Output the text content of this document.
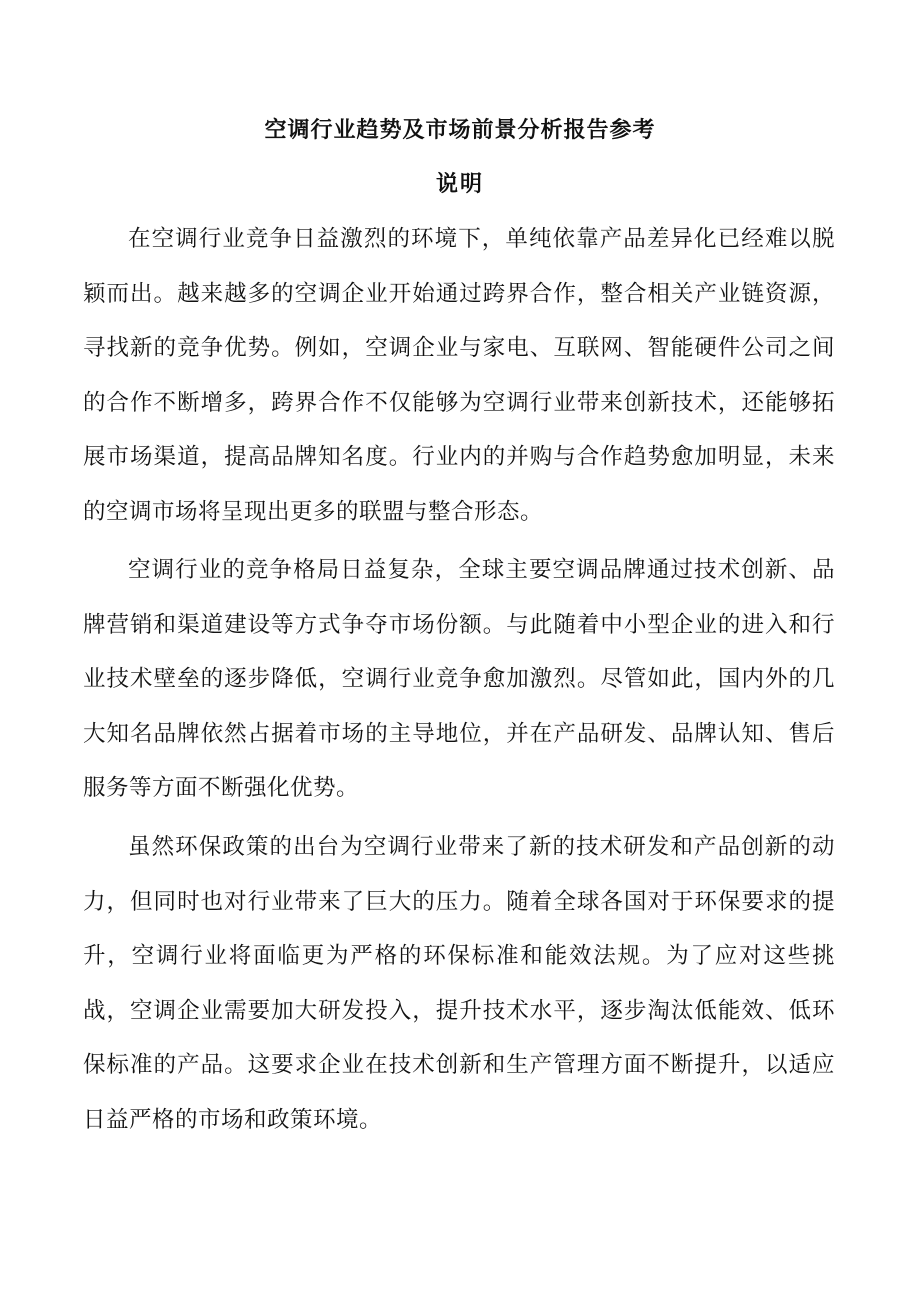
空调行业趋势及市场前景分析报告参考
说明

在空调行业竞争日益激烈的环境下，单纯依靠产品差异化已经难以脱颖而出。越来越多的空调企业开始通过跨界合作，整合相关产业链资源，寻找新的竞争优势。例如，空调企业与家电、互联网、智能硬件公司之间的合作不断增多，跨界合作不仅能够为空调行业带来创新技术，还能够拓展市场渠道，提高品牌知名度。行业内的并购与合作趋势愈加明显，未来的空调市场将呈现出更多的联盟与整合形态。

空调行业的竞争格局日益复杂，全球主要空调品牌通过技术创新、品牌营销和渠道建设等方式争夺市场份额。与此随着中小型企业的进入和行业技术壁垒的逐步降低，空调行业竞争愈加激烈。尽管如此，国内外的几大知名品牌依然占据着市场的主导地位，并在产品研发、品牌认知、售后服务等方面不断强化优势。

虽然环保政策的出台为空调行业带来了新的技术研发和产品创新的动力，但同时也对行业带来了巨大的压力。随着全球各国对于环保要求的提升，空调行业将面临更为严格的环保标准和能效法规。为了应对这些挑战，空调企业需要加大研发投入，提升技术水平，逐步淘汰低能效、低环保标准的产品。这要求企业在技术创新和生产管理方面不断提升，以适应日益严格的市场和政策环境。
